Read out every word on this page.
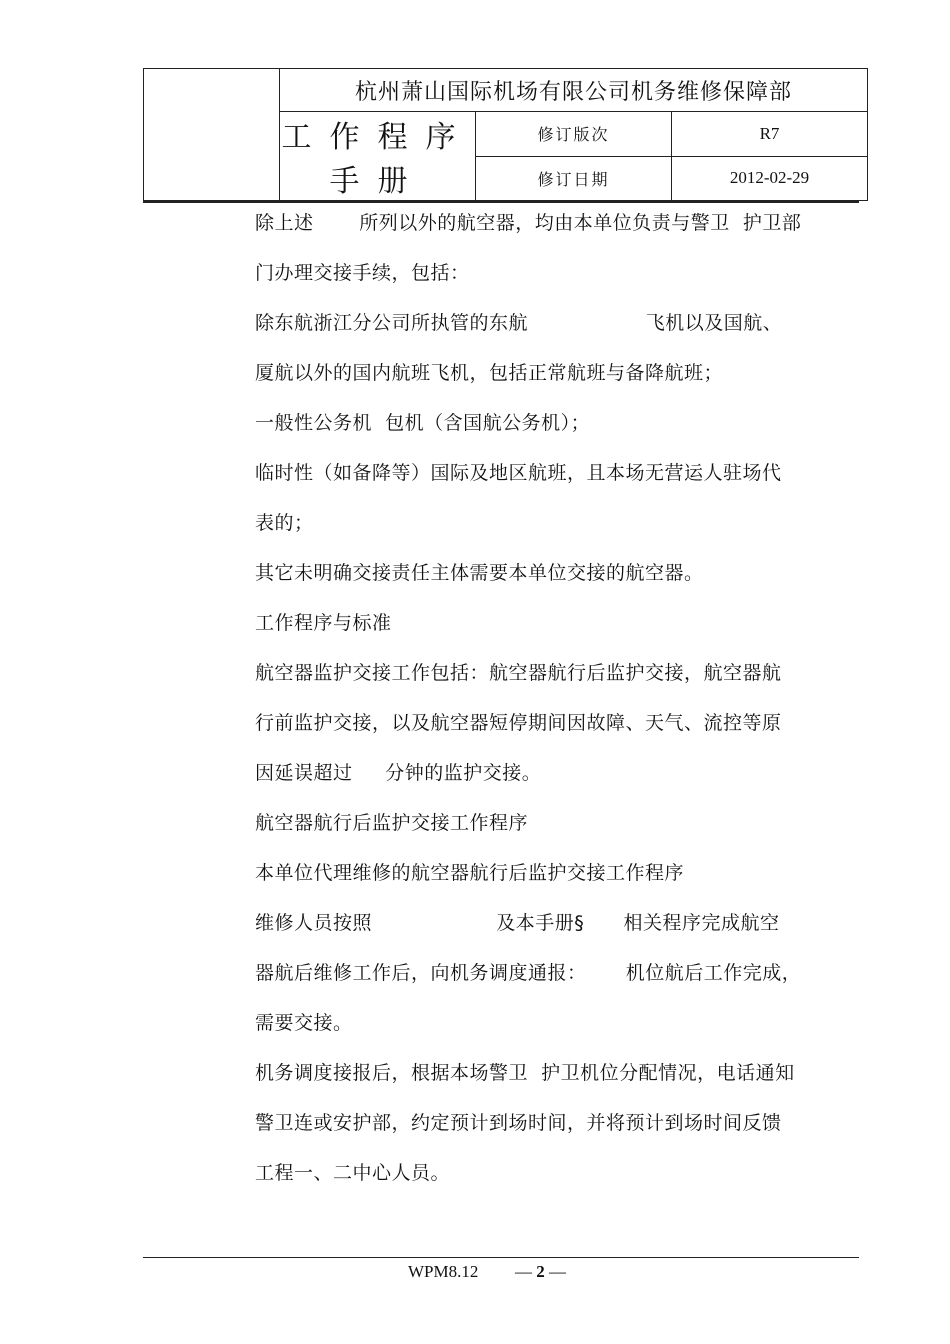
	杭州萧山国际机场有限公司机务维修保障部		
	工作程序手册	修订版次	R7
		修订日期	2012-02-29

除上述       所列以外的航空器，均由本单位负责与警卫  护卫部

门办理交接手续，包括：

除东航浙江分公司所执管的东航                  飞机以及国航、

厦航以外的国内航班飞机，包括正常航班与备降航班；

一般性公务机  包机（含国航公务机）；

临时性（如备降等）国际及地区航班，且本场无营运人驻场代

表的；

其它未明确交接责任主体需要本单位交接的航空器。

工作程序与标准

航空器监护交接工作包括：航空器航行后监护交接，航空器航

行前监护交接，以及航空器短停期间因故障、天气、流控等原

因延误超过     分钟的监护交接。

航空器航行后监护交接工作程序

本单位代理维修的航空器航行后监护交接工作程序

维修人员按照                   及本手册§      相关程序完成航空

器航后维修工作后，向机务调度通报：      机位航后工作完成，

需要交接。

机务调度接报后，根据本场警卫  护卫机位分配情况，电话通知

警卫连或安护部，约定预计到场时间，并将预计到场时间反馈

工程一、二中心人员。

WPM8.12 — 2 —
